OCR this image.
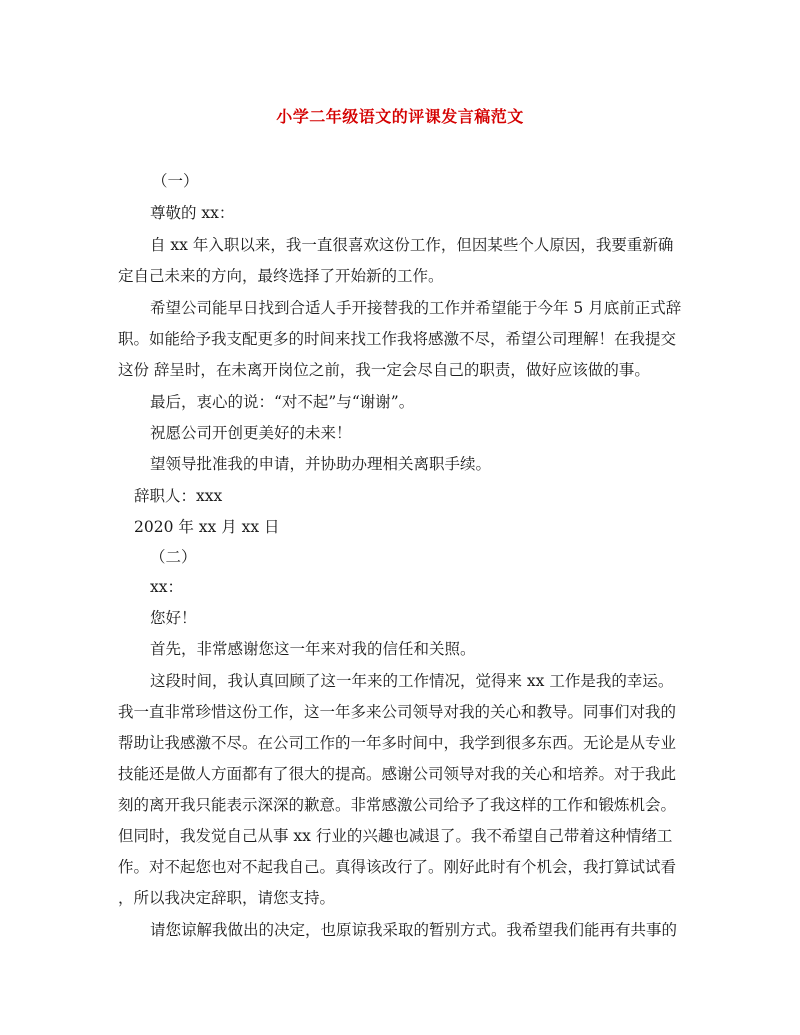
小学二年级语文的评课发言稿范文

（一）

尊敬的 xx：

自 xx 年入职以来，我一直很喜欢这份工作，但因某些个人原因，我要重新确

定自己未来的方向，最终选择了开始新的工作。

希望公司能早日找到合适人手开接替我的工作并希望能于今年 5 月底前正式辞

职。如能给予我支配更多的时间来找工作我将感激不尽，希望公司理解！在我提交

这份 辞呈时，在未离开岗位之前，我一定会尽自己的职责，做好应该做的事。

最后，衷心的说：“对不起”与“谢谢”。

祝愿公司开创更美好的未来！

望领导批准我的申请，并协助办理相关离职手续。

辞职人：xxx

2020 年 xx 月 xx 日

（二）

xx：

您好！

首先，非常感谢您这一年来对我的信任和关照。

这段时间，我认真回顾了这一年来的工作情况，觉得来 xx 工作是我的幸运。

我一直非常珍惜这份工作，这一年多来公司领导对我的关心和教导。同事们对我的

帮助让我感激不尽。在公司工作的一年多时间中，我学到很多东西。无论是从专业

技能还是做人方面都有了很大的提高。感谢公司领导对我的关心和培养。对于我此

刻的离开我只能表示深深的歉意。非常感激公司给予了我这样的工作和锻炼机会。

但同时，我发觉自己从事 xx 行业的兴趣也减退了。我不希望自己带着这种情绪工

作。对不起您也对不起我自己。真得该改行了。刚好此时有个机会，我打算试试看

，所以我决定辞职，请您支持。

请您谅解我做出的决定，也原谅我采取的暂别方式。我希望我们能再有共事的
